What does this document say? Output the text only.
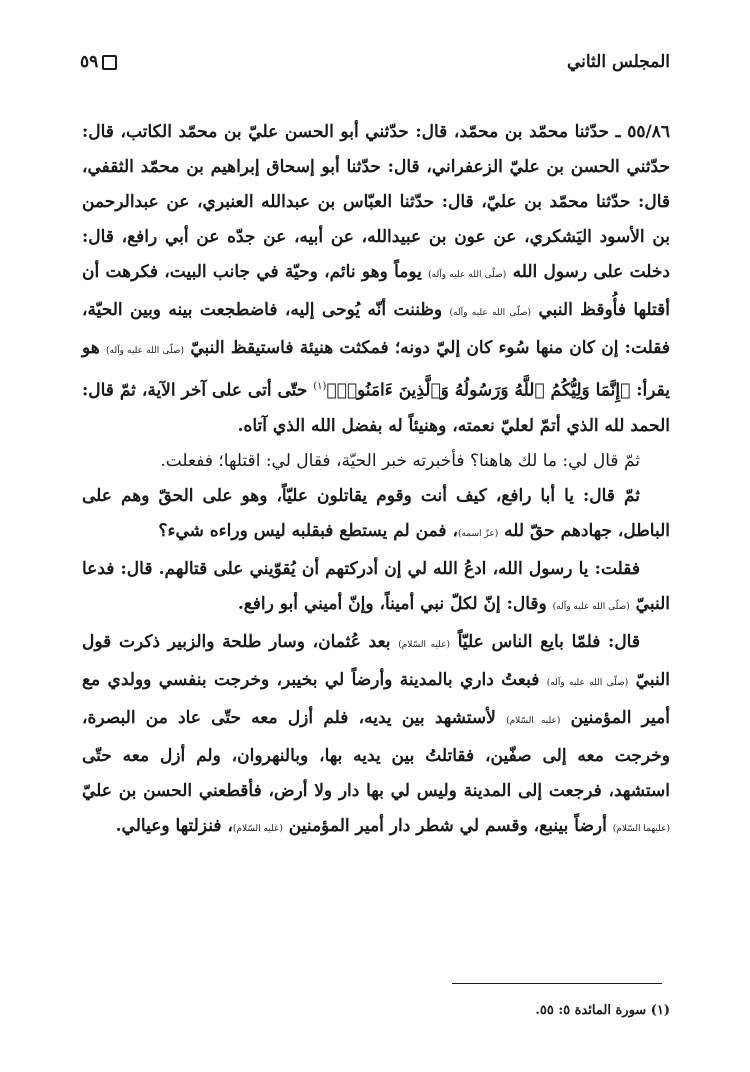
المجلس الثاني
٥٩

٥٥/٨٦ ـ حدّثنا محمّد بن محمّد، قال: حدّثني أبو الحسن عليّ بن محمّد الكاتب، قال: حدّثني الحسن بن عليّ الزعفراني، قال: حدّثنا أبو إسحاق إبراهيم بن محمّد الثقفي، قال: حدّثنا محمّد بن عليّ، قال: حدّثنا العبّاس بن عبدالله العنبري، عن عبدالرحمن بن الأسود اليَشكري، عن عون بن عبيدالله، عن أبيه، عن جدّه عن أبي رافع، قال: دخلت على رسول الله (صلّى الله عليه وآله) يوماً وهو نائم، وحيّة في جانب البيت، فكرهت أن أقتلها فأُوقظ النبي (صلّى الله عليه وآله) وظننت أنّه يُوحى إليه، فاضطجعت بينه وبين الحيّة، فقلت: إن كان منها سُوء كان إليّ دونه؛ فمكثت هنيئة فاستيقظ النبيّ (صلّى الله عليه وآله) هو يقرأ: ﴿إِنَّمَا وَلِيُّكُمُ ٱللَّهُ وَرَسُولُهُ وَٱلَّذِينَ ءَامَنُوا۟﴾$^{(١)}$ حتّى أتى على آخر الآية، ثمّ قال: الحمد لله الذي أتمّ لعليّ نعمته، وهنيئاً له بفضل الله الذي آتاه.

ثمّ قال لي: ما لك هاهنا؟ فأخبرته خبر الحيّة، فقال لي: اقتلها؛ ففعلت.

ثمّ قال: يا أبا رافع، كيف أنت وقوم يقاتلون عليّاً، وهو على الحقّ وهم على الباطل، جهادهم حقّ لله (عزّ اسمه)، فمن لم يستطع فبقلبه ليس وراءه شيء؟

فقلت: يا رسول الله، ادعُ الله لي إن أدركتهم أن يُقوّيني على قتالهم. قال: فدعا النبيّ (صلّى الله عليه وآله) وقال: إنّ لكلّ نبي أميناً، وإنّ أميني أبو رافع.

قال: فلمّا بايع الناس عليّاً (عليه السّلام) بعد عُثمان، وسار طلحة والزبير ذكرت قول النبيّ (صلّى الله عليه وآله) فبعتُ داري بالمدينة وأرضاً لي بخيبر، وخرجت بنفسي وولدي مع أمير المؤمنين (عليه السّلام) لأستشهد بين يديه، فلم أزل معه حتّى عاد من البصرة، وخرجت معه إلى صفّين، فقاتلتُ بين يديه بها، وبالنهروان، ولم أزل معه حتّى استشهد، فرجعت إلى المدينة وليس لي بها دار ولا أرض، فأقطعني الحسن بن عليّ (عليهما السّلام) أرضاً بينبع، وقسم لي شطر دار أمير المؤمنين (عليه السّلام)، فنزلتها وعيالي.

(١) سورة المائدة ٥: ٥٥.
